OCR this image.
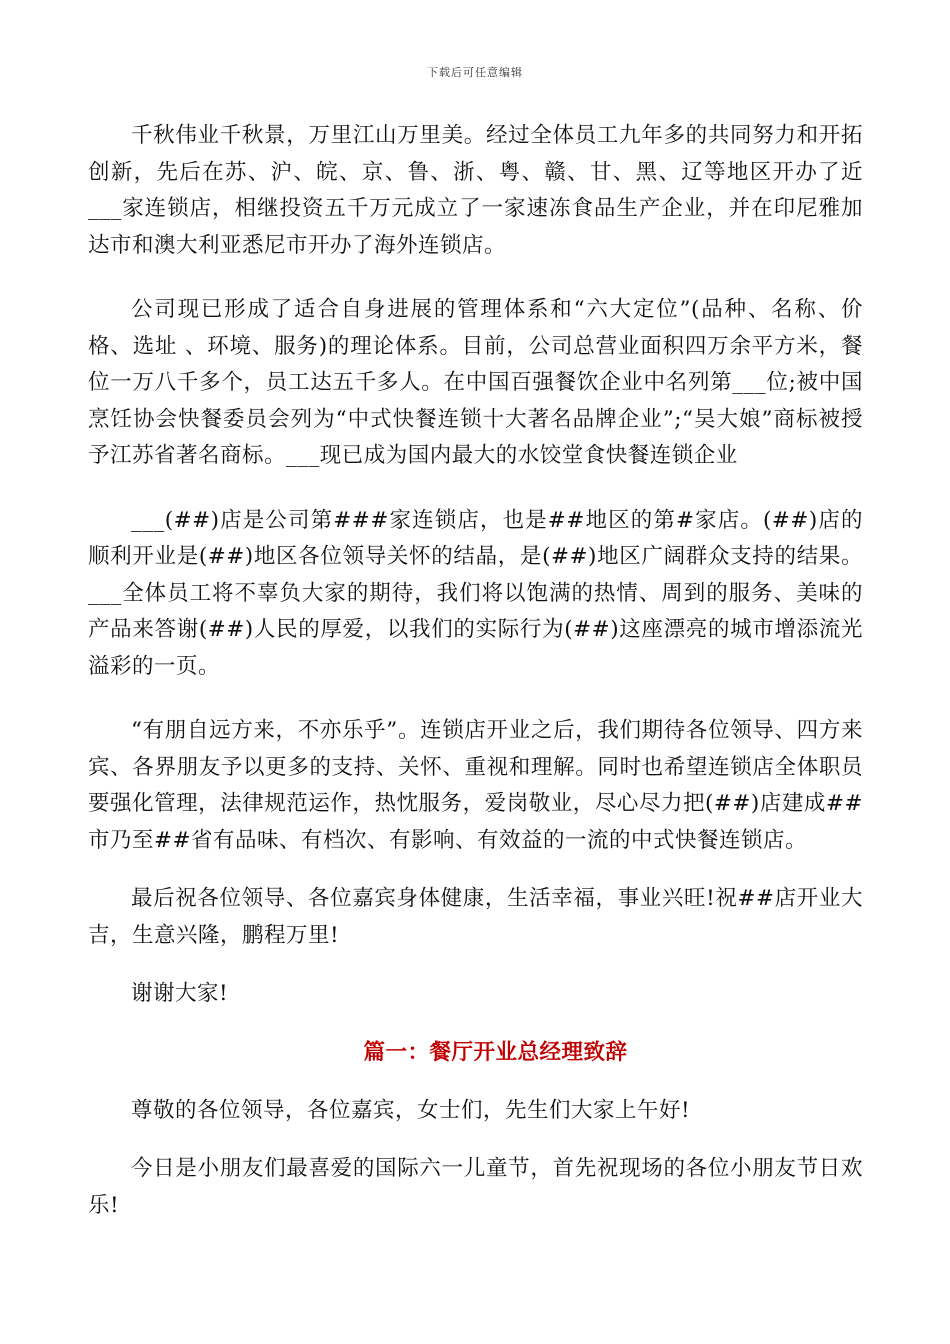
下载后可任意编辑

千秋伟业千秋景，万里江山万里美。经过全体员工九年多的共同努力和开拓创新，先后在苏、沪、皖、京、鲁、浙、粤、赣、甘、黑、辽等地区开办了近___家连锁店，相继投资五千万元成立了一家速冻食品生产企业，并在印尼雅加达市和澳大利亚悉尼市开办了海外连锁店。

公司现已形成了适合自身进展的管理体系和“六大定位”(品种、名称、价格、选址 、环境、服务)的理论体系。目前，公司总营业面积四万余平方米，餐位一万八千多个，员工达五千多人。在中国百强餐饮企业中名列第___位;被中国烹饪协会快餐委员会列为“中式快餐连锁十大著名品牌企业”;“吴大娘”商标被授予江苏省著名商标。___现已成为国内最大的水饺堂食快餐连锁企业

___(##)店是公司第###家连锁店，也是##地区的第#家店。(##)店的顺利开业是(##)地区各位领导关怀的结晶，是(##)地区广阔群众支持的结果。___全体员工将不辜负大家的期待，我们将以饱满的热情、周到的服务、美味的产品来答谢(##)人民的厚爱，以我们的实际行为(##)这座漂亮的城市增添流光溢彩的一页。

“有朋自远方来，不亦乐乎”。连锁店开业之后，我们期待各位领导、四方来宾、各界朋友予以更多的支持、关怀、重视和理解。同时也希望连锁店全体职员要强化管理，法律规范运作，热忱服务，爱岗敬业，尽心尽力把(##)店建成##市乃至##省有品味、有档次、有影响、有效益的一流的中式快餐连锁店。

最后祝各位领导、各位嘉宾身体健康，生活幸福，事业兴旺!祝##店开业大吉，生意兴隆，鹏程万里!

谢谢大家!

篇一：餐厅开业总经理致辞

尊敬的各位领导，各位嘉宾，女士们，先生们大家上午好!

今日是小朋友们最喜爱的国际六一儿童节，首先祝现场的各位小朋友节日欢乐!
